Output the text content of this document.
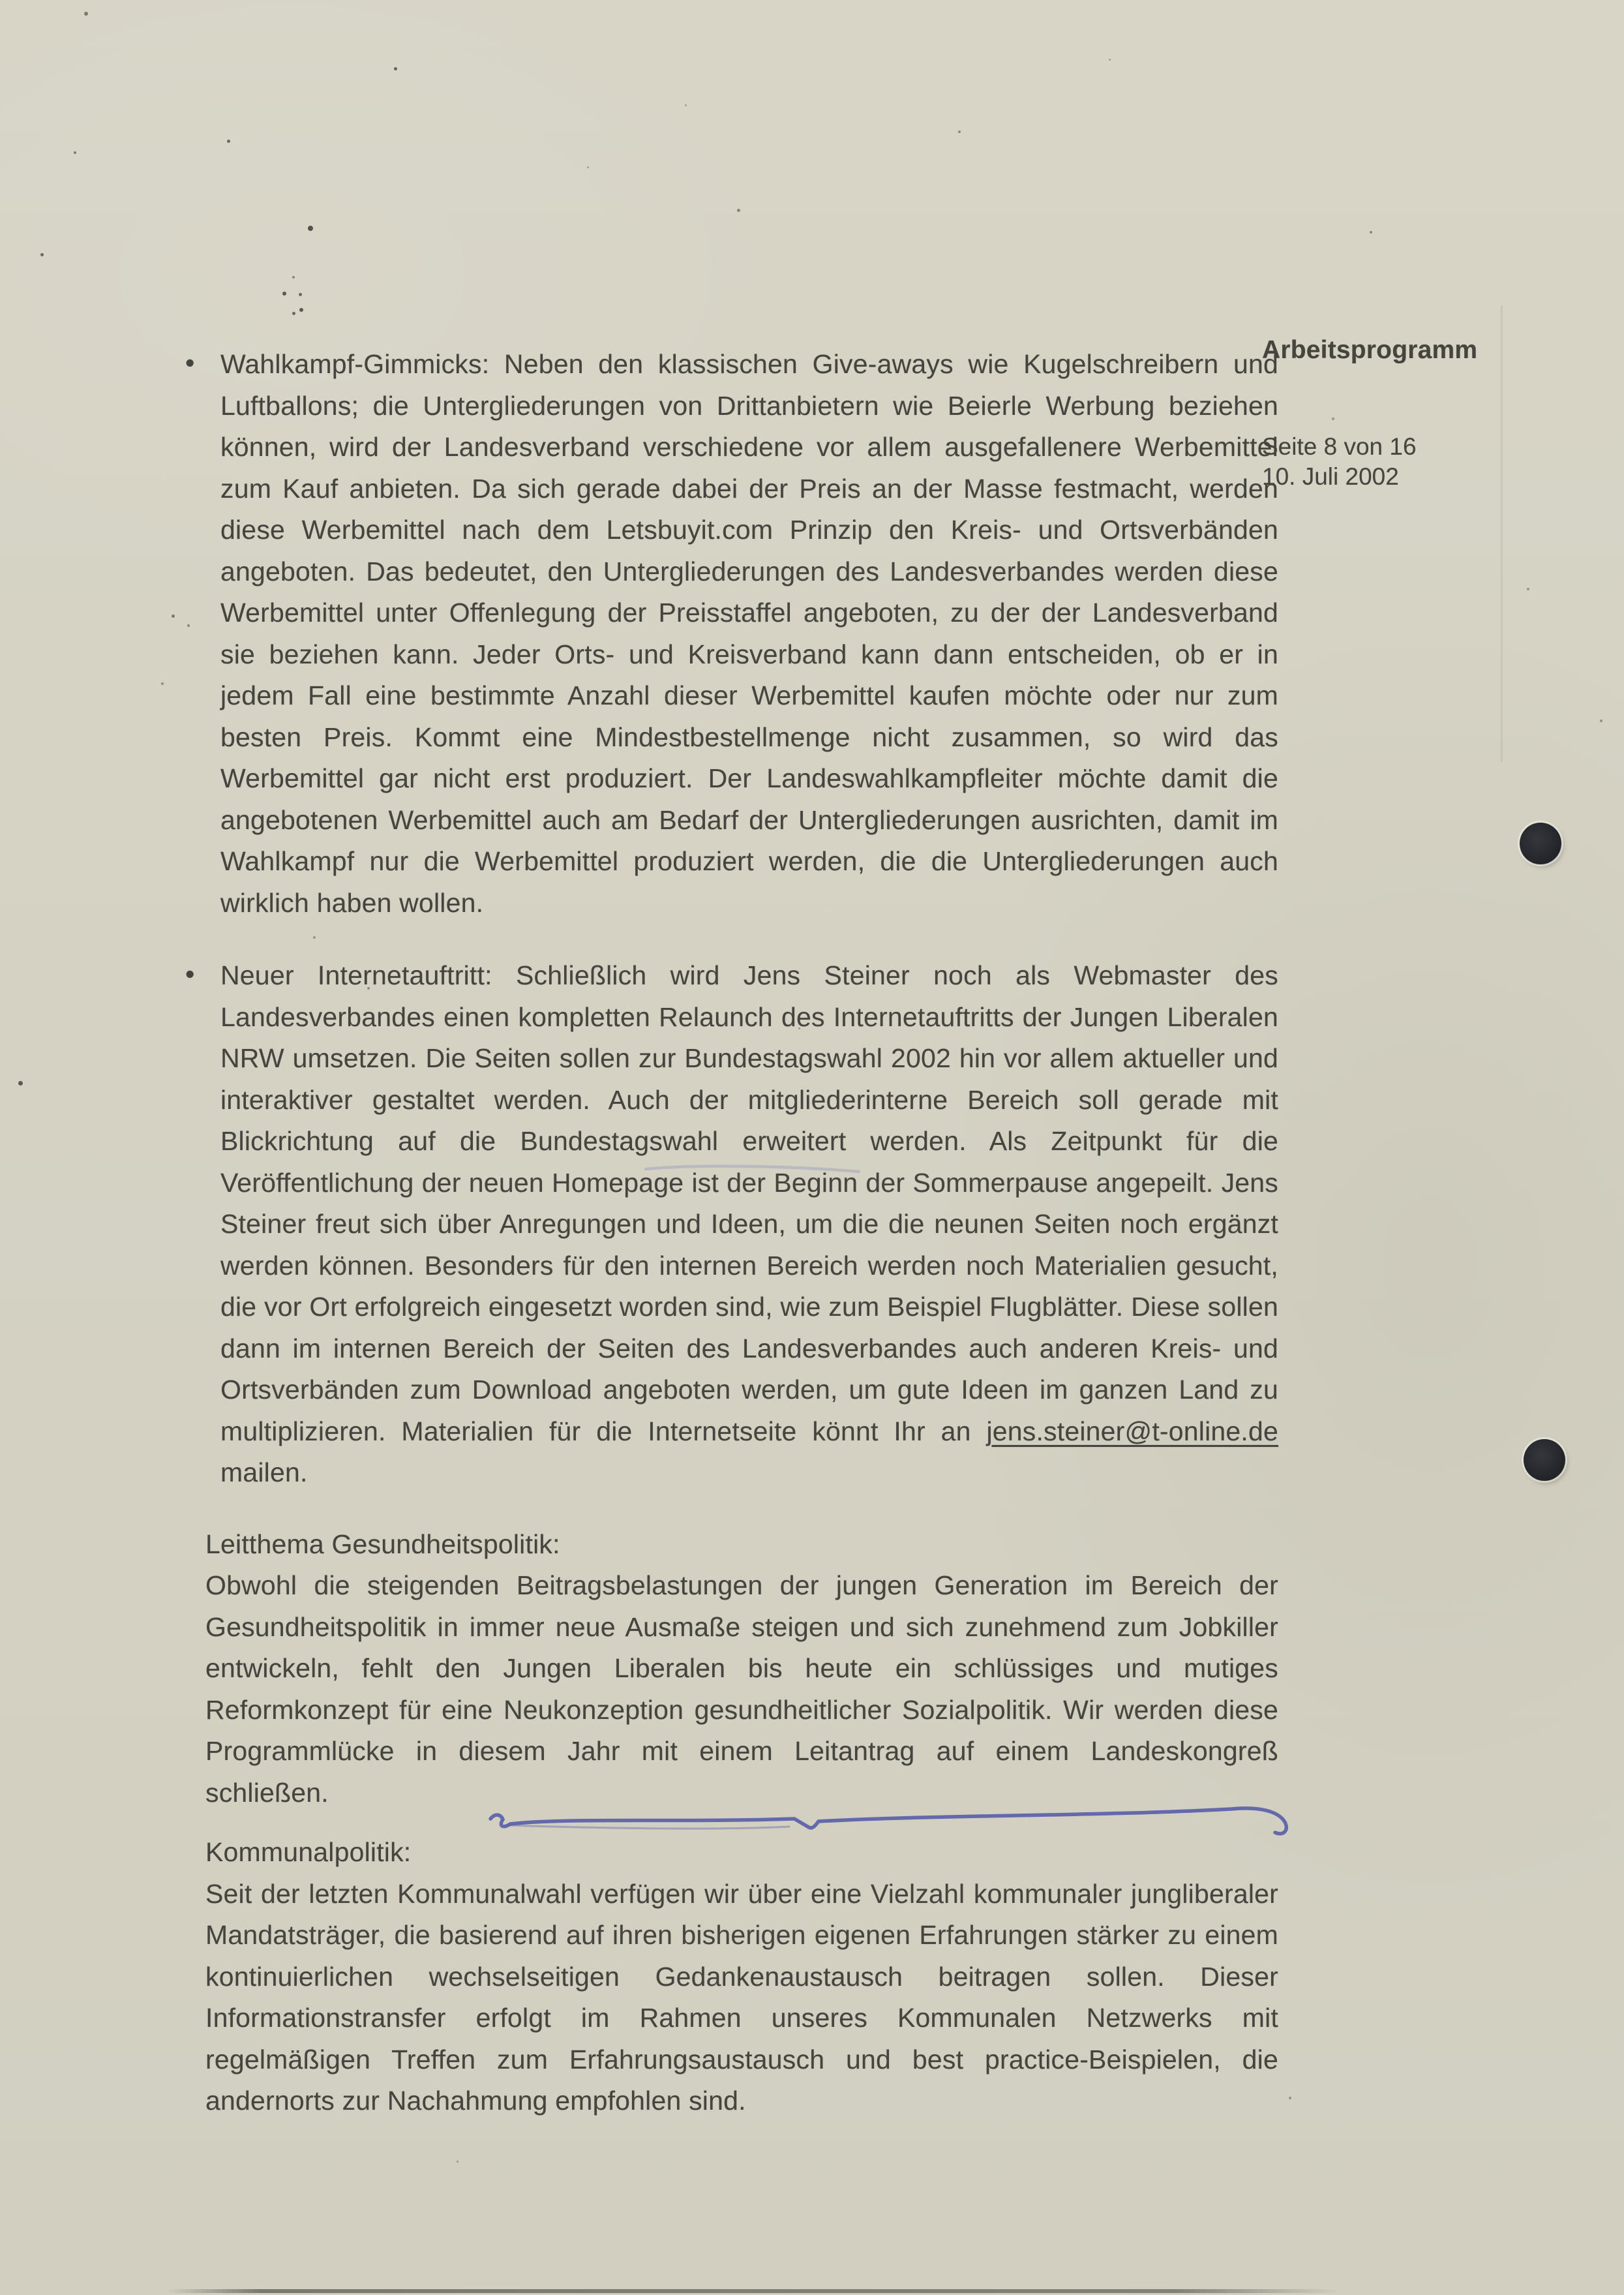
Arbeitsprogramm
Seite 8 von 16
10. Juli 2002
• Wahlkampf-Gimmicks: Neben den klassischen Give-aways wie Kugelschreibern und Luftballons; die Untergliederungen von Drittanbietern wie Beierle Werbung beziehen können, wird der Landesverband verschiedene vor allem ausgefallenere Werbemittel zum Kauf anbieten. Da sich gerade dabei der Preis an der Masse festmacht, werden diese Werbemittel nach dem Letsbuyit.com Prinzip den Kreis- und Ortsverbänden angeboten. Das bedeutet, den Untergliederungen des Landesverbandes werden diese Werbemittel unter Offenlegung der Preisstaffel angeboten, zu der der Landesverband sie beziehen kann. Jeder Orts- und Kreisverband kann dann entscheiden, ob er in jedem Fall eine bestimmte Anzahl dieser Werbemittel kaufen möchte oder nur zum besten Preis. Kommt eine Mindestbestellmenge nicht zusammen, so wird das Werbemittel gar nicht erst produziert. Der Landeswahlkampfleiter möchte damit die angebotenen Werbemittel auch am Bedarf der Untergliederungen ausrichten, damit im Wahlkampf nur die Werbemittel produziert werden, die die Untergliederungen auch wirklich haben wollen.
• Neuer Internetauftritt: Schließlich wird Jens Steiner noch als Webmaster des Landesverbandes einen kompletten Relaunch des Internetauftritts der Jungen Liberalen NRW umsetzen. Die Seiten sollen zur Bundestagswahl 2002 hin vor allem aktueller und interaktiver gestaltet werden. Auch der mitgliederinterne Bereich soll gerade mit Blickrichtung auf die Bundestagswahl erweitert werden. Als Zeitpunkt für die Veröffentlichung der neuen Homepage ist der Beginn der Sommerpause angepeilt. Jens Steiner freut sich über Anregungen und Ideen, um die die neunen Seiten noch ergänzt werden können. Besonders für den internen Bereich werden noch Materialien gesucht, die vor Ort erfolgreich eingesetzt worden sind, wie zum Beispiel Flugblätter. Diese sollen dann im internen Bereich der Seiten des Landesverbandes auch anderen Kreis- und Ortsverbänden zum Download angeboten werden, um gute Ideen im ganzen Land zu multiplizieren. Materialien für die Internetseite könnt Ihr an jens.steiner@t-online.de mailen.
Leitthema Gesundheitspolitik:

Obwohl die steigenden Beitragsbelastungen der jungen Generation im Bereich der Gesundheitspolitik in immer neue Ausmaße steigen und sich zunehmend zum Jobkiller entwickeln, fehlt den Jungen Liberalen bis heute ein schlüssiges und mutiges Reformkonzept für eine Neukonzeption gesundheitlicher Sozialpolitik. Wir werden diese Programmlücke in diesem Jahr mit einem Leitantrag auf einem Landeskongreß schließen.

Kommunalpolitik:

Seit der letzten Kommunalwahl verfügen wir über eine Vielzahl kommunaler jungliberaler Mandatsträger, die basierend auf ihren bisherigen eigenen Erfahrungen stärker zu einem kontinuierlichen wechselseitigen Gedankenaustausch beitragen sollen. Dieser Informationstransfer erfolgt im Rahmen unseres Kommunalen Netzwerks mit regelmäßigen Treffen zum Erfahrungsaustausch und best practice-Beispielen, die andernorts zur Nachahmung empfohlen sind.
